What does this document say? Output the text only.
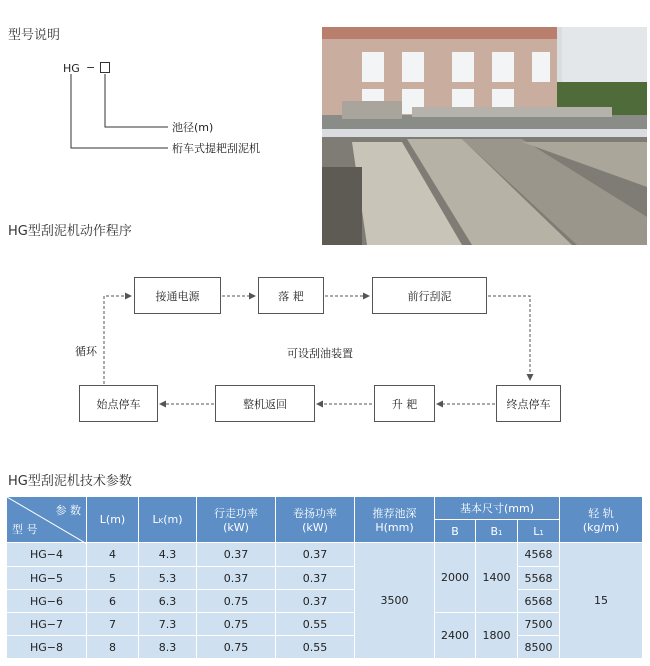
型号说明
HG −
池径(m)
桁车式提耙刮泥机
HG型刮泥机动作程序
接通电源	落 耙	前行刮泥
终点停车
升 耙
整机返回
始点停车
循环	可设刮油装置
HG型刮泥机技术参数
参 数
型 号	L(m)	LK(m)	行走功率
(kW)	卷扬功率
(kW)	推荐池深
H(mm)	基本尺寸(mm)			轻 轨
(kg/m)
						B	B1	L1	
HG−4	4	4.3	0.37	0.37	3500	2000	1400	4568	15
HG−5	5	5.3	0.37	0.37				5568	
HG−6	6	6.3	0.75	0.37				6568	
HG−7	7	7.3	0.75	0.55		2400	1800	7500	
HG−8	8	8.3	0.75	0.55				8500	
